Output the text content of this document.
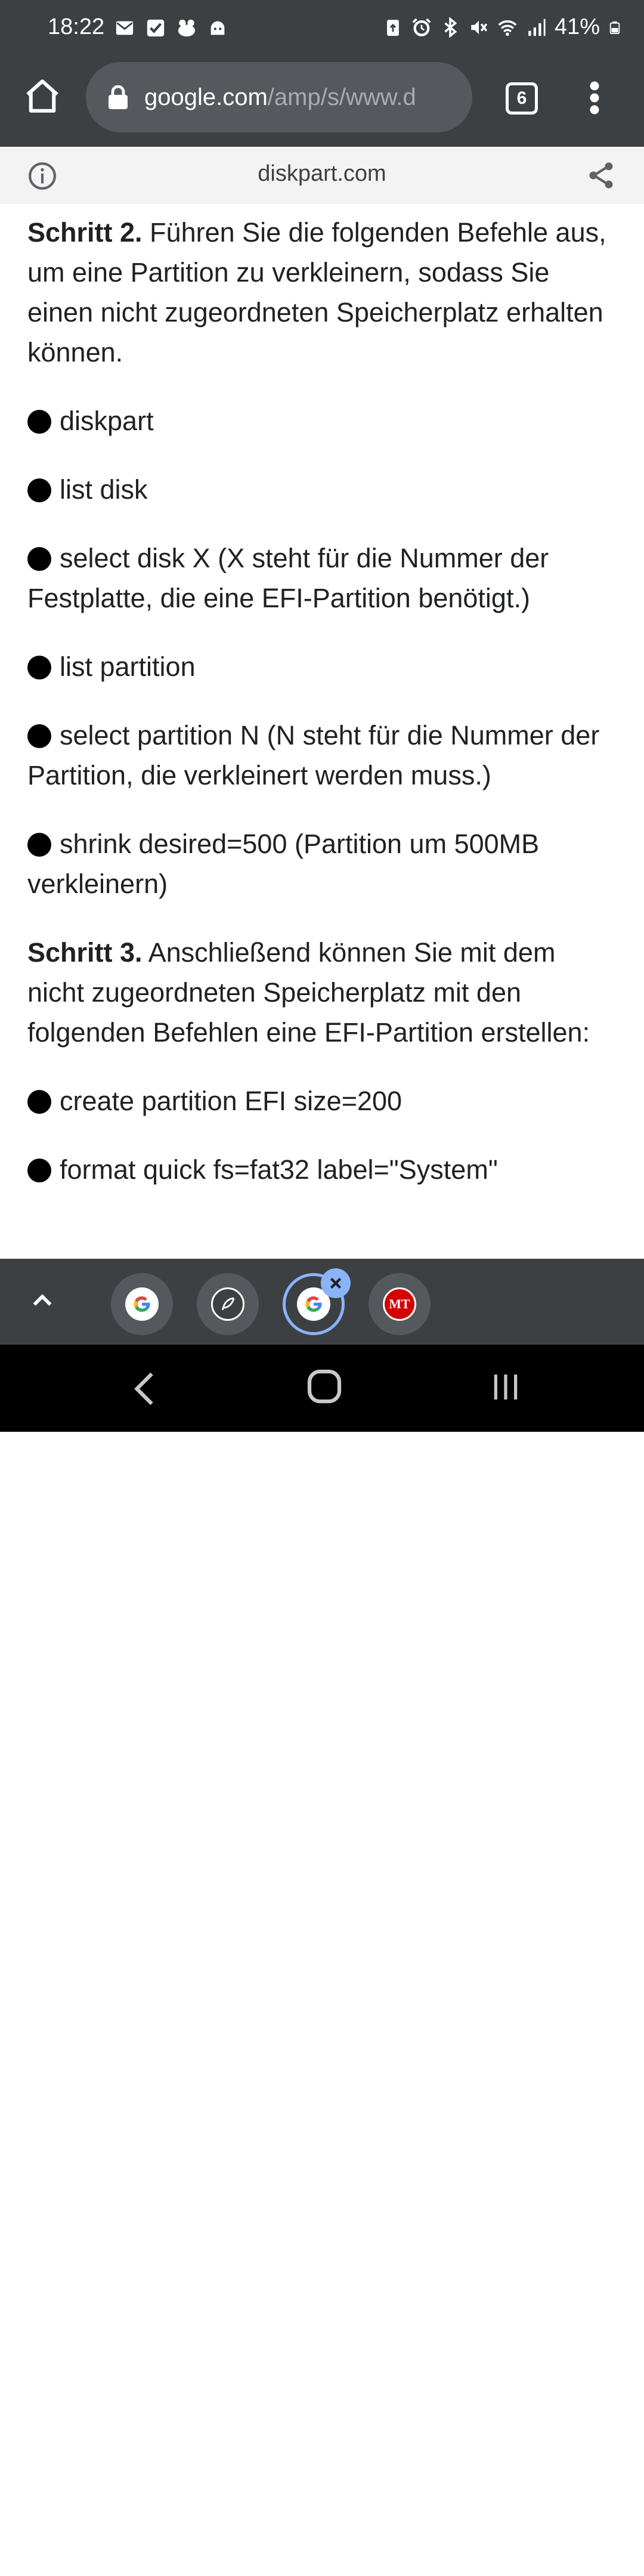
18:22	41%
google.com/amp/s/www.d	6
diskpart.com

Schritt 2. Führen Sie die folgenden Befehle aus, um eine Partition zu verkleinern, sodass Sie einen nicht zugeordneten Speicherplatz erhalten können.

diskpart

list disk

select disk X (X steht für die Nummer der Festplatte, die eine EFI-Partition benötigt.)

list partition

select partition N (N steht für die Nummer der Partition, die verkleinert werden muss.)

shrink desired=500 (Partition um 500MB verkleinern)

Schritt 3. Anschließend können Sie mit dem nicht zugeordneten Speicherplatz mit den folgenden Befehlen eine EFI-Partition erstellen:

create partition EFI size=200

format quick fs=fat32 label="System"

MT
